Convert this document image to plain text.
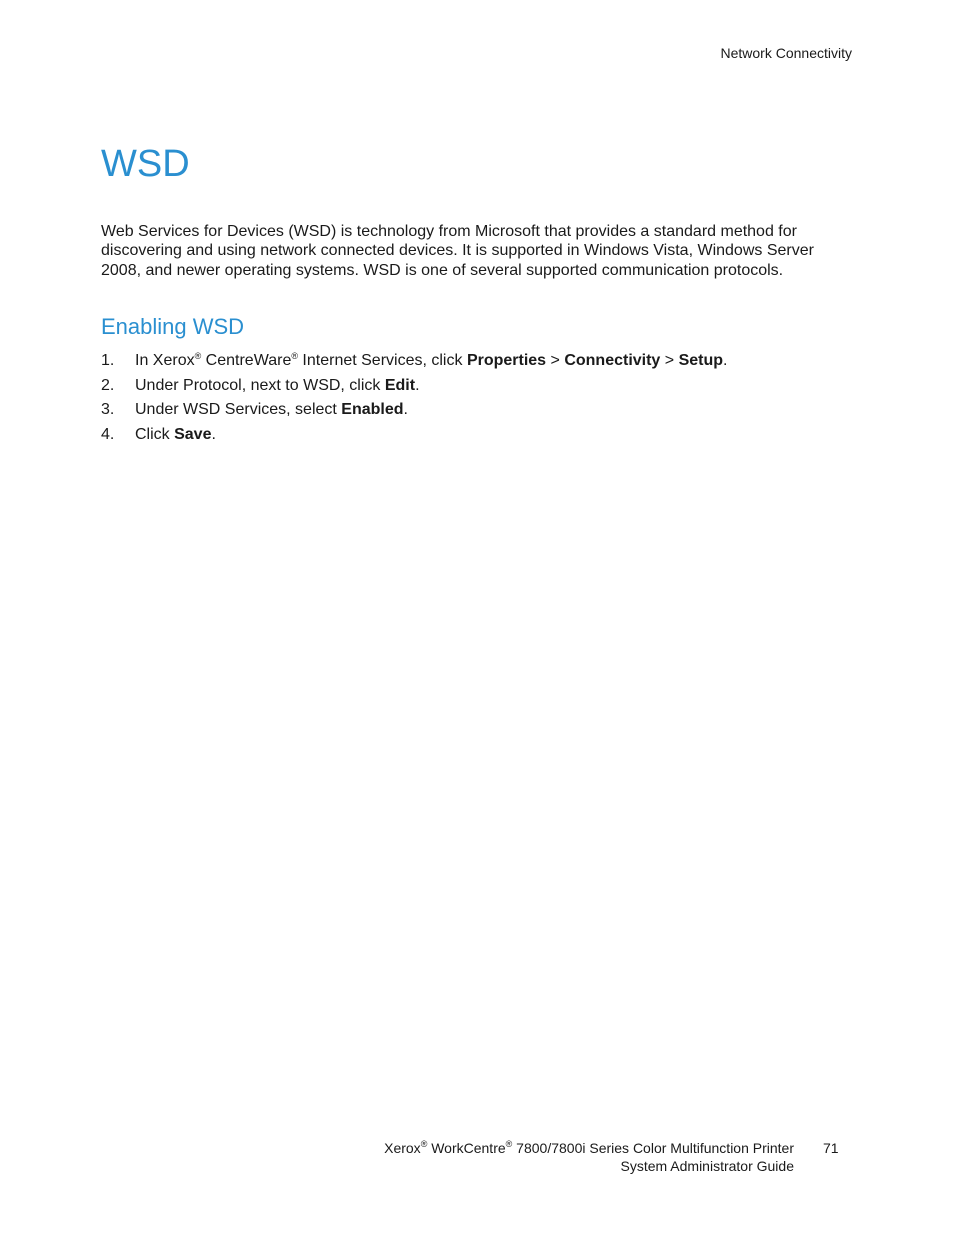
Network Connectivity
WSD

Web Services for Devices (WSD) is technology from Microsoft that provides a standard method for discovering and using network connected devices. It is supported in Windows Vista, Windows Server 2008, and newer operating systems. WSD is one of several supported communication protocols.

Enabling WSD
1. In Xerox® CentreWare® Internet Services, click Properties > Connectivity > Setup.
2. Under Protocol, next to WSD, click Edit.
3. Under WSD Services, select Enabled.
4. Click Save.
Xerox® WorkCentre® 7800/7800i Series Color Multifunction Printer
System Administrator Guide
71
